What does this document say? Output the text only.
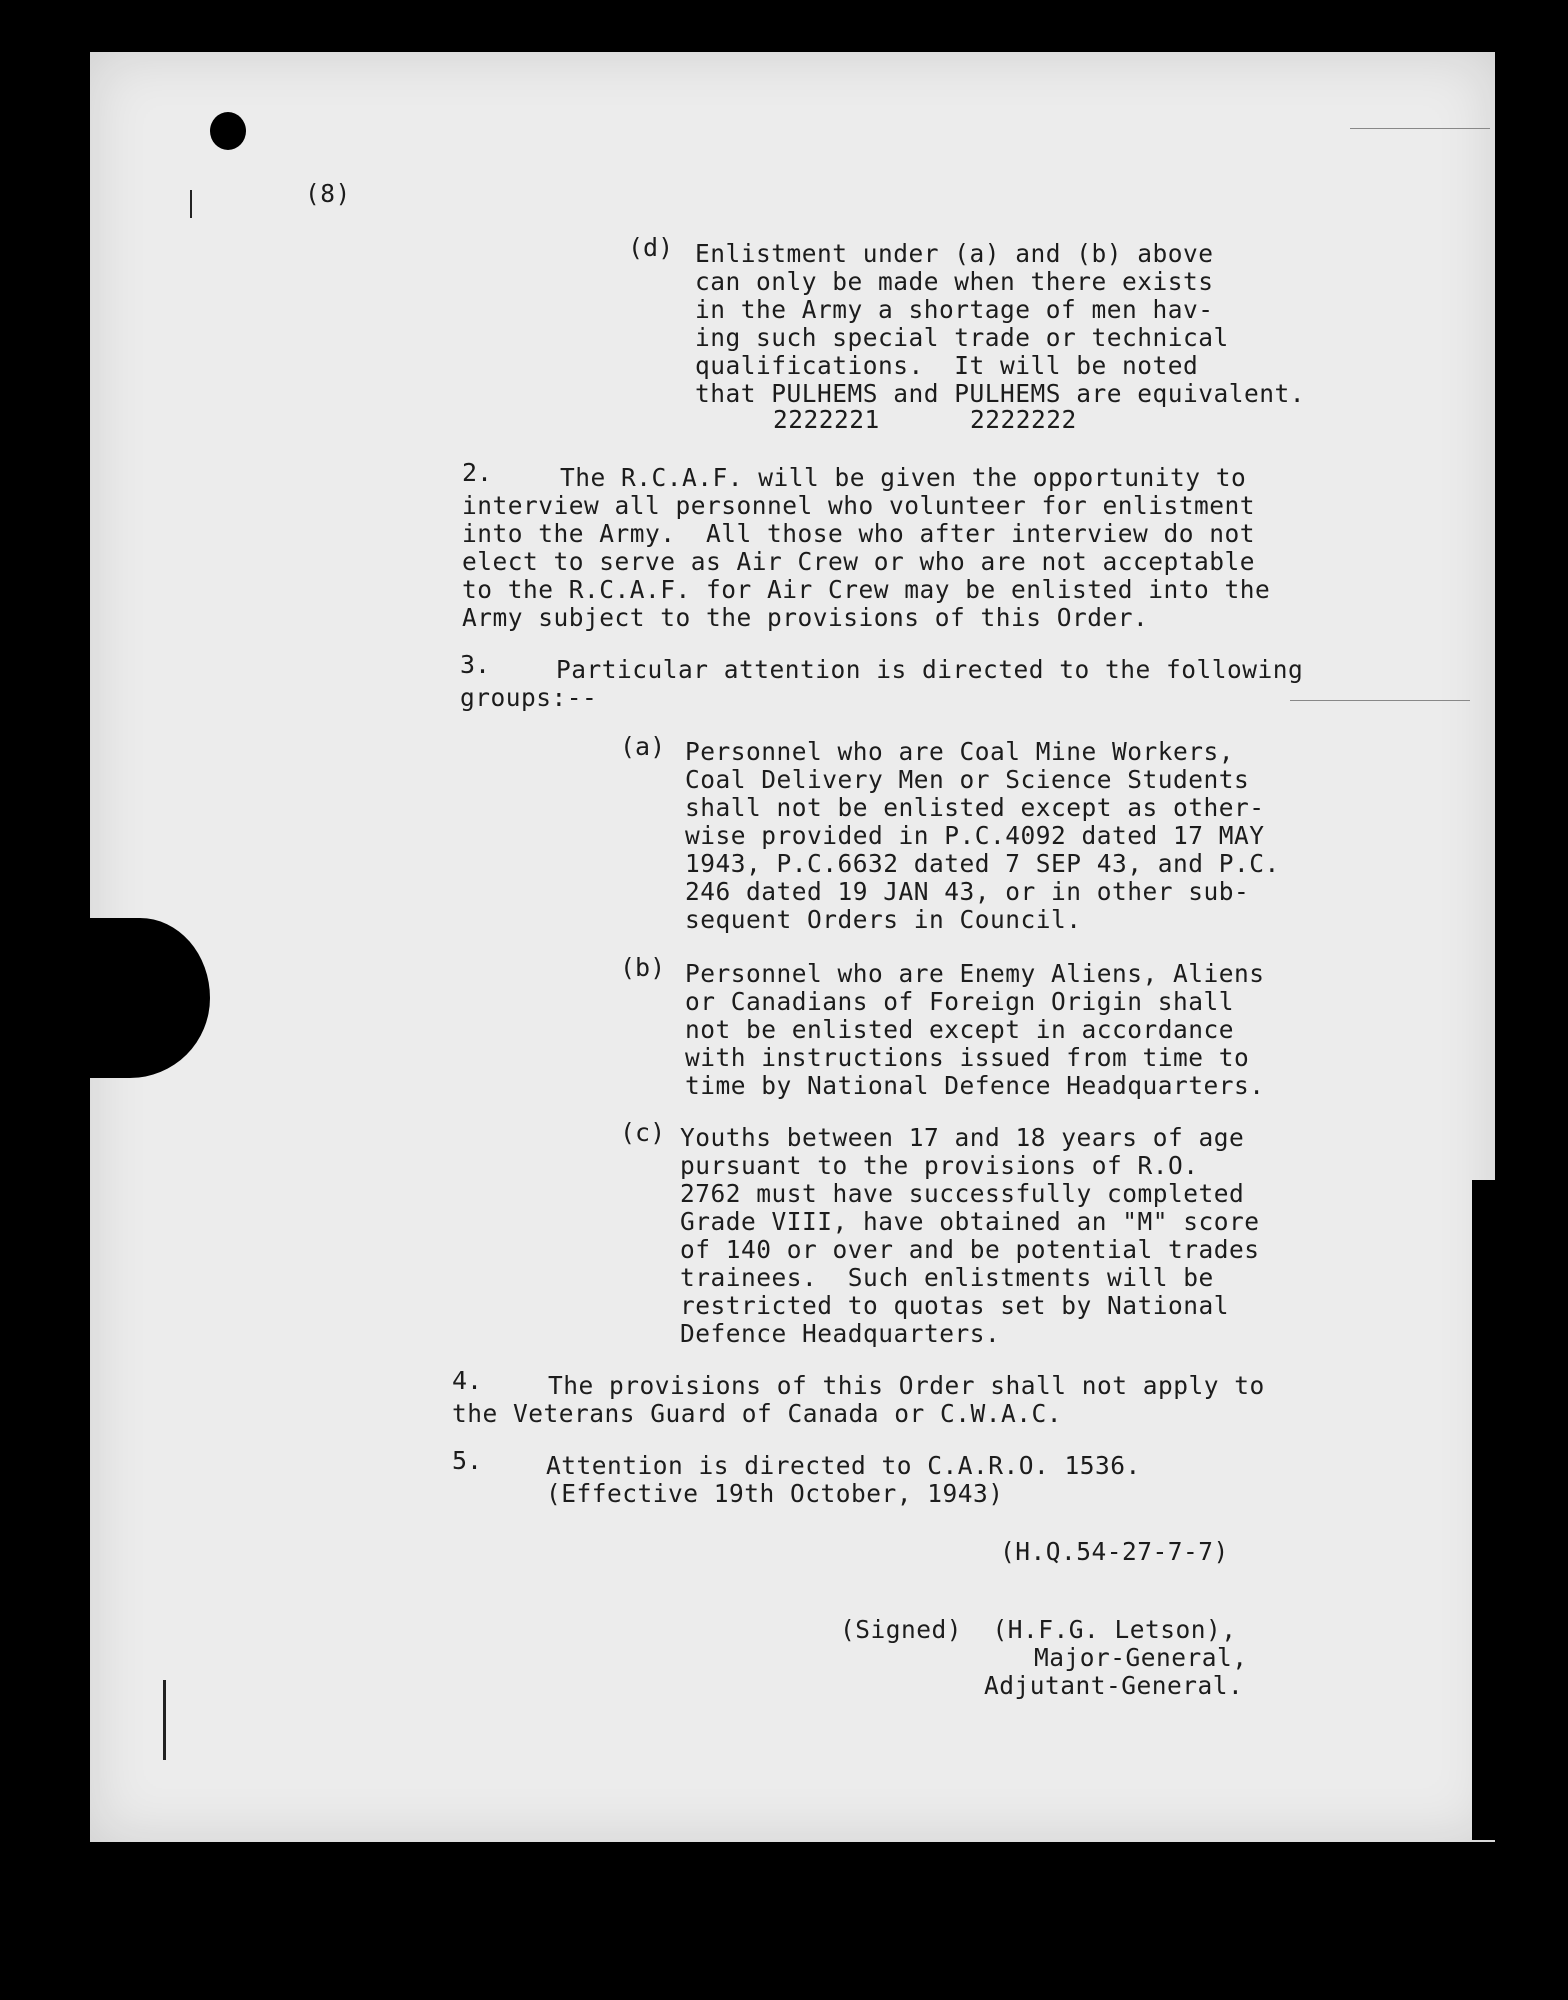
(8)
(d) Enlistment under (a) and (b) above
can only be made when there exists
in the Army a shortage of men hav-
ing such special trade or technical
qualifications.  It will be noted
that PULHEMS and PULHEMS are equivalent.
2222221	2222222
2.	The R.C.A.F. will be given the opportunity to
interview all personnel who volunteer for enlistment
into the Army.  All those who after interview do not
elect to serve as Air Crew or who are not acceptable
to the R.C.A.F. for Air Crew may be enlisted into the
Army subject to the provisions of this Order.
3.	Particular attention is directed to the following
groups:--
(a) Personnel who are Coal Mine Workers,
Coal Delivery Men or Science Students
shall not be enlisted except as other-
wise provided in P.C.4092 dated 17 MAY
1943, P.C.6632 dated 7 SEP 43, and P.C.
246 dated 19 JAN 43, or in other sub-
sequent Orders in Council.
(b) Personnel who are Enemy Aliens, Aliens
or Canadians of Foreign Origin shall
not be enlisted except in accordance
with instructions issued from time to
time by National Defence Headquarters.
(c) Youths between 17 and 18 years of age
pursuant to the provisions of R.O.
2762 must have successfully completed
Grade VIII, have obtained an "M" score
of 140 or over and be potential trades
trainees.  Such enlistments will be
restricted to quotas set by National
Defence Headquarters.
4.	The provisions of this Order shall not apply to
the Veterans Guard of Canada or C.W.A.C.
5.	Attention is directed to C.A.R.O. 1536.
(Effective 19th October, 1943)
(H.Q.54-27-7-7)
(Signed)  (H.F.G. Letson),
Major-General,
Adjutant-General.
